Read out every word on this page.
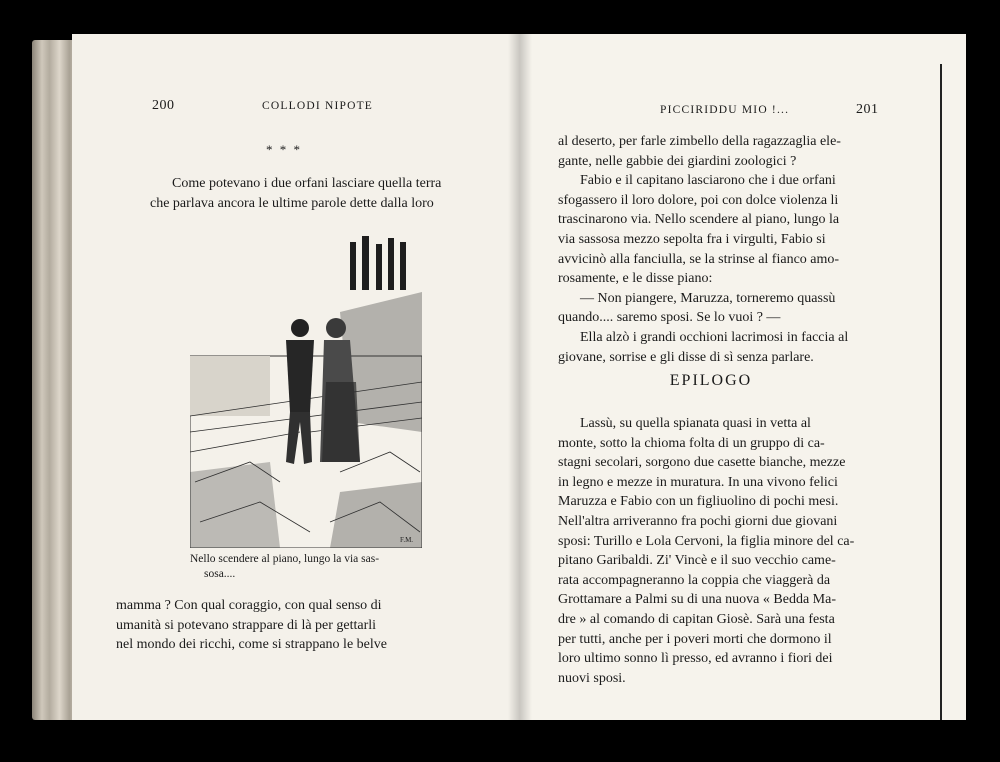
200	COLLODI NIPOTE
* * *

Come potevano i due orfani lasciare quella terra

che parlava ancora le ultime parole dette dalla loro

F.M.
Nello scendere al piano, lungo la via sas-
sosa....

mamma ? Con qual coraggio, con qual senso di

umanità si potevano strappare di là per gettarli

nel mondo dei ricchi, come si strappano le belve

PICCIRIDDU MIO !...	201

al deserto, per farle zimbello della ragazzaglia ele-

gante, nelle gabbie dei giardini zoologici ?

Fabio e il capitano lasciarono che i due orfani

sfogassero il loro dolore, poi con dolce violenza li

trascinarono via. Nello scendere al piano, lungo la

via sassosa mezzo sepolta fra i virgulti, Fabio si

avvicinò alla fanciulla, se la strinse al fianco amo-

rosamente, e le disse piano:

— Non piangere, Maruzza, torneremo quassù

quando.... saremo sposi. Se lo vuoi ? —

Ella alzò i grandi occhioni lacrimosi in faccia al

giovane, sorrise e gli disse di sì senza parlare.

EPILOGO

Lassù, su quella spianata quasi in vetta al

monte, sotto la chioma folta di un gruppo di ca-

stagni secolari, sorgono due casette bianche, mezze

in legno e mezze in muratura. In una vivono felici

Maruzza e Fabio con un figliuolino di pochi mesi.

Nell'altra arriveranno fra pochi giorni due giovani

sposi: Turillo e Lola Cervoni, la figlia minore del ca-

pitano Garibaldi. Zi' Vincè e il suo vecchio came-

rata accompagneranno la coppia che viaggerà da

Grottamare a Palmi su di una nuova « Bedda Ma-

dre » al comando di capitan Giosè. Sarà una festa

per tutti, anche per i poveri morti che dormono il

loro ultimo sonno lì presso, ed avranno i fiori dei

nuovi sposi.
